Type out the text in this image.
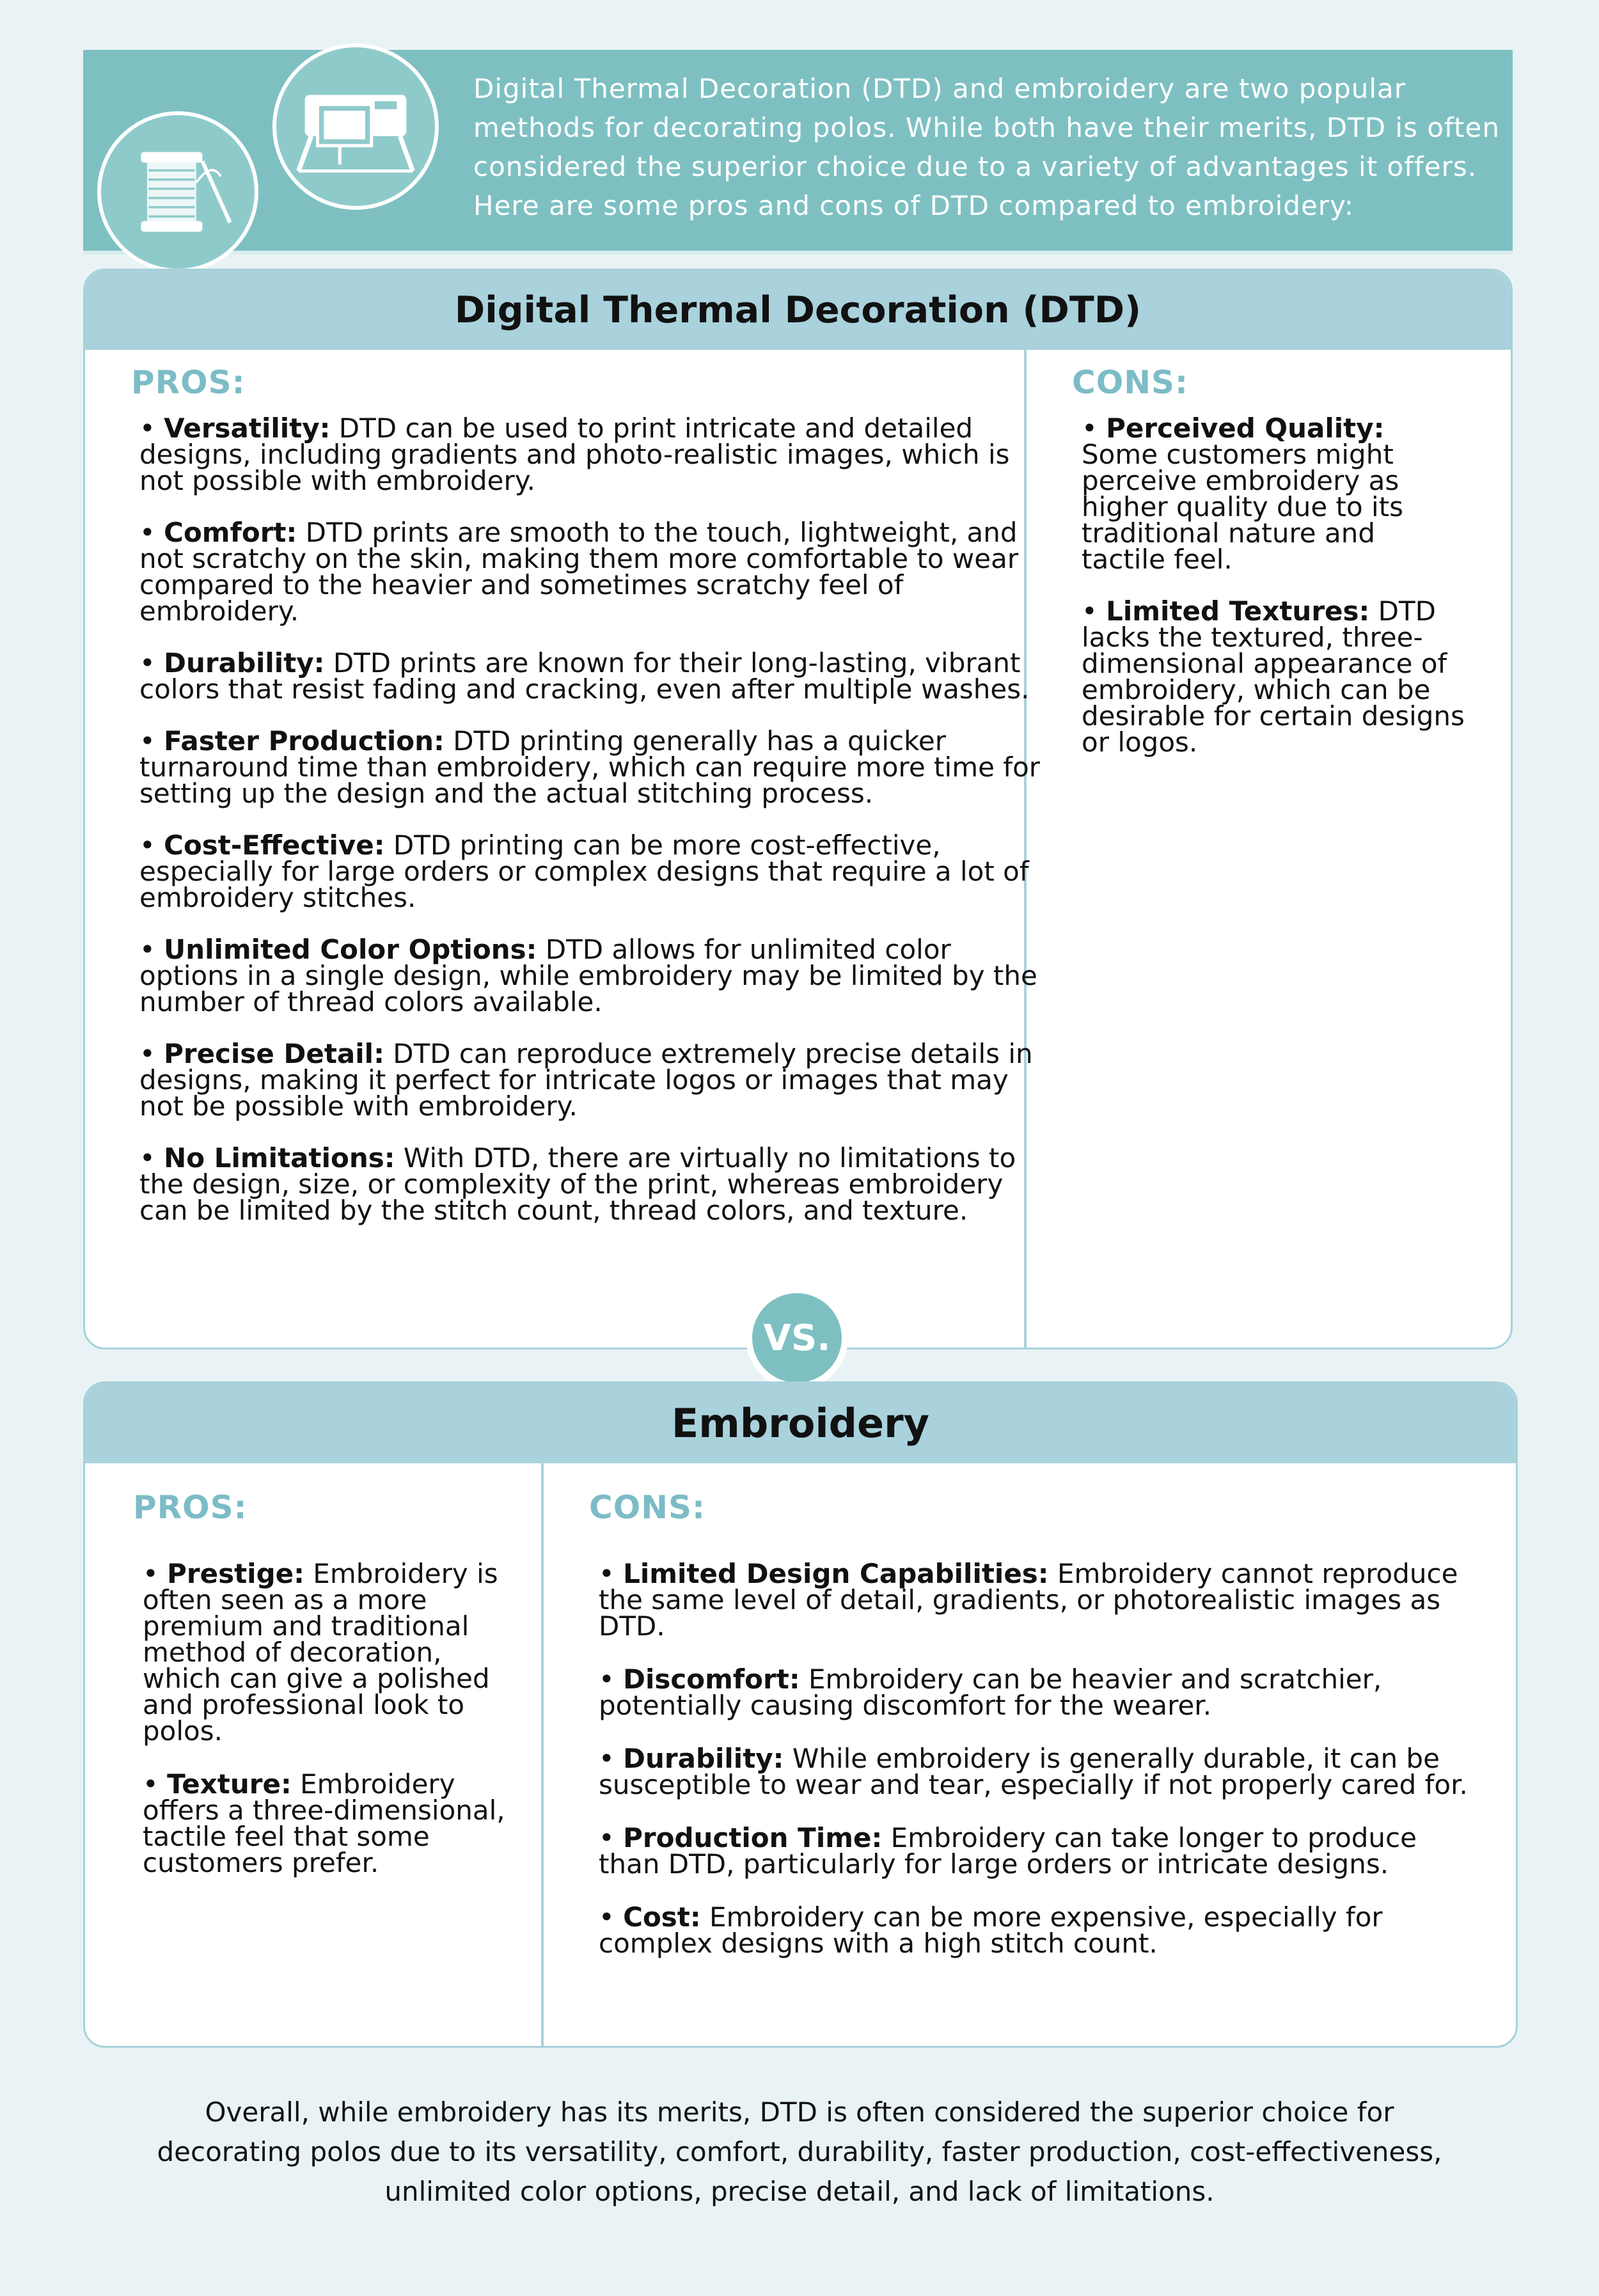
Digital Thermal Decoration (DTD) and embroidery are two popular methods for decorating polos. While both have their merits, DTD is often considered the superior choice due to a variety of advantages it offers. Here are some pros and cons of DTD compared to embroidery:

Digital Thermal Decoration (DTD)

PROS:	CONS:

• Versatility: DTD can be used to print intricate and detailed designs, including gradients and photo-realistic images, which is not possible with embroidery.
• Comfort: DTD prints are smooth to the touch, lightweight, and not scratchy on the skin, making them more comfortable to wear compared to the heavier and sometimes scratchy feel of embroidery.
• Durability: DTD prints are known for their long-lasting, vibrant colors that resist fading and cracking, even after multiple washes.
• Faster Production: DTD printing generally has a quicker turnaround time than embroidery, which can require more time for setting up the design and the actual stitching process.
• Cost-Effective: DTD printing can be more cost-effective, especially for large orders or complex designs that require a lot of embroidery stitches.
• Unlimited Color Options: DTD allows for unlimited color options in a single design, while embroidery may be limited by the number of thread colors available.
• Precise Detail: DTD can reproduce extremely precise details in designs, making it perfect for intricate logos or images that may not be possible with embroidery.
• No Limitations: With DTD, there are virtually no limitations to the design, size, or complexity of the print, whereas embroidery can be limited by the stitch count, thread colors, and texture.
• Perceived Quality: Some customers might perceive embroidery as higher quality due to its traditional nature and tactile feel.
• Limited Textures: DTD lacks the textured, three-dimensional appearance of embroidery, which can be desirable for certain designs or logos.
VS.
Embroidery

PROS:	CONS:

• Prestige: Embroidery is often seen as a more premium and traditional method of decoration, which can give a polished and professional look to polos.
• Texture: Embroidery offers a three-dimensional, tactile feel that some customers prefer.
• Limited Design Capabilities: Embroidery cannot reproduce the same level of detail, gradients, or photorealistic images as DTD.
• Discomfort: Embroidery can be heavier and scratchier, potentially causing discomfort for the wearer.
• Durability: While embroidery is generally durable, it can be susceptible to wear and tear, especially if not properly cared for.
• Production Time: Embroidery can take longer to produce than DTD, particularly for large orders or intricate designs.
• Cost: Embroidery can be more expensive, especially for complex designs with a high stitch count.

Overall, while embroidery has its merits, DTD is often considered the superior choice for decorating polos due to its versatility, comfort, durability, faster production, cost-effectiveness, unlimited color options, precise detail, and lack of limitations.
